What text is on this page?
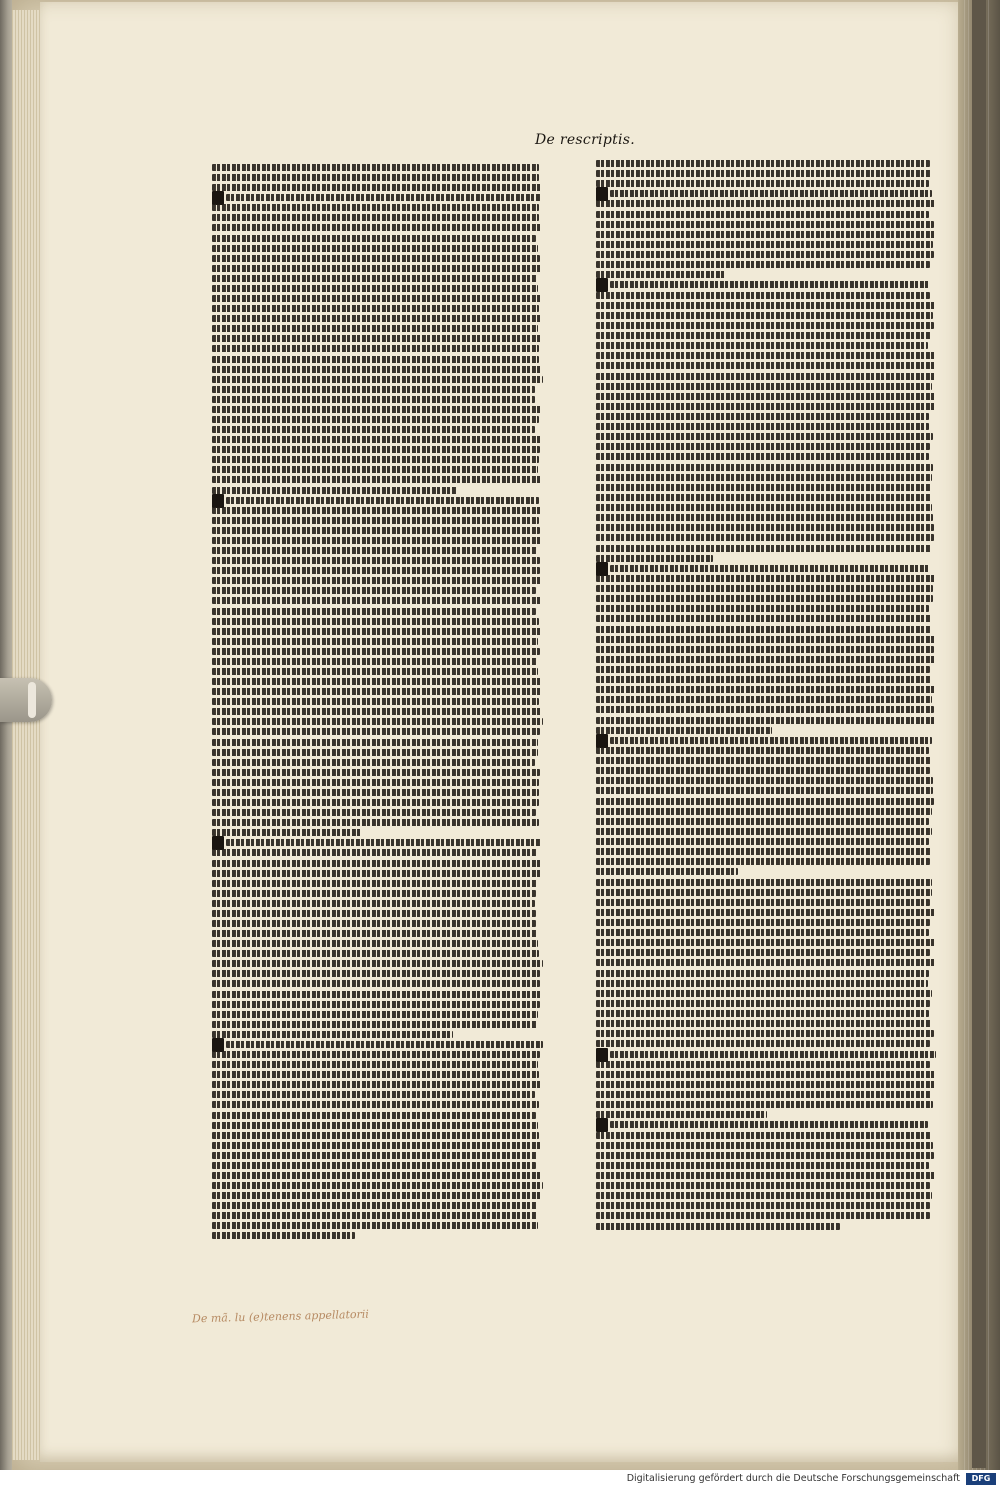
De rescriptis.
De mã. lu (e)tenens appellatorii
Digitalisierung gefördert durch die Deutsche Forschungsgemeinschaft	DFG
